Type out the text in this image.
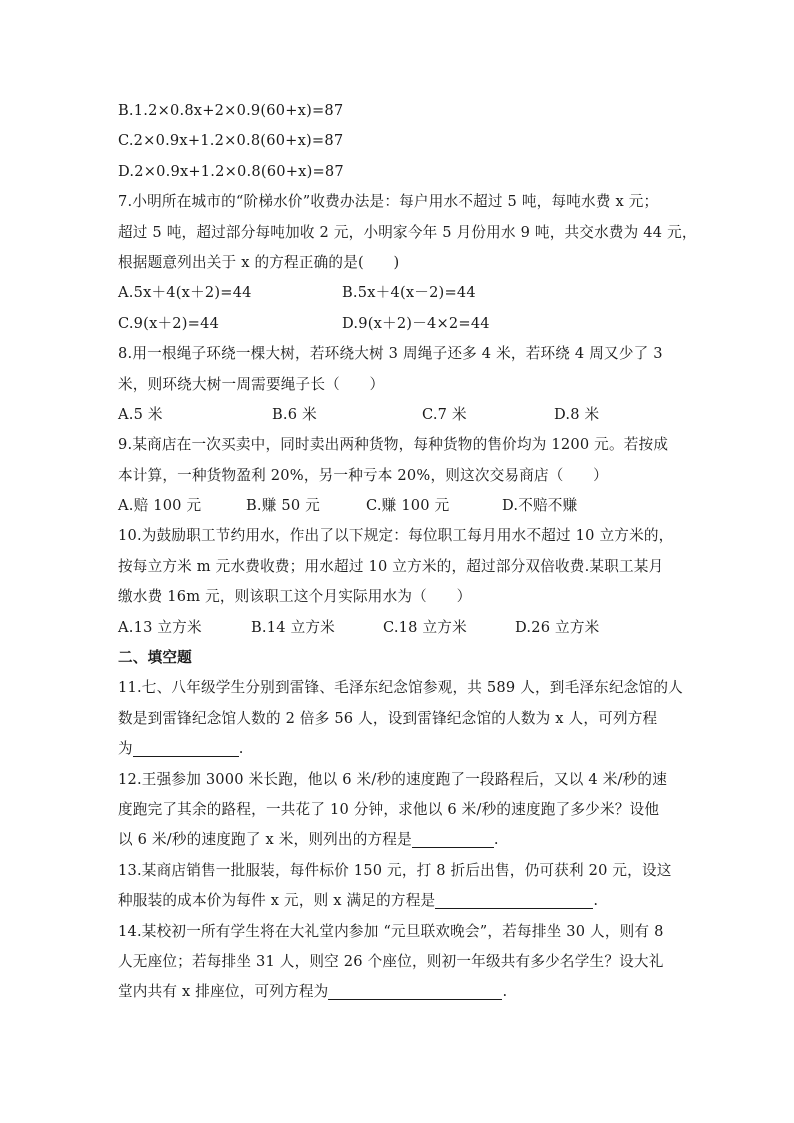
B.1.2×0.8x+2×0.9(60+x)=87
C.2×0.9x+1.2×0.8(60+x)=87
D.2×0.9x+1.2×0.8(60+x)=87
7.小明所在城市的“阶梯水价”收费办法是：每户用水不超过 5 吨，每吨水费 x 元；
超过 5 吨，超过部分每吨加收 2 元，小明家今年 5 月份用水 9 吨，共交水费为 44 元，
根据题意列出关于 x 的方程正确的是(　　)
A.5x＋4(x＋2)=44	B.5x＋4(x－2)=44
C.9(x＋2)=44	D.9(x＋2)－4×2=44
8.用一根绳子环绕一棵大树，若环绕大树 3 周绳子还多 4 米，若环绕 4 周又少了 3
米，则环绕大树一周需要绳子长（　　）
A.5 米	B.6 米	C.7 米	D.8 米
9.某商店在一次买卖中，同时卖出两种货物，每种货物的售价均为 1200 元。若按成
本计算，一种货物盈利 20%，另一种亏本 20%，则这次交易商店（　　）
A.赔 100 元	B.赚 50 元	C.赚 100 元	D.不赔不赚
10.为鼓励职工节约用水，作出了以下规定：每位职工每月用水不超过 10 立方米的，
按每立方米 m 元水费收费；用水超过 10 立方米的，超过部分双倍收费.某职工某月
缴水费 16m 元，则该职工这个月实际用水为（　　）
A.13 立方米	B.14 立方米	C.18 立方米	D.26 立方米
二、填空题
11.七、八年级学生分别到雷锋、毛泽东纪念馆参观，共 589 人，到毛泽东纪念馆的人
数是到雷锋纪念馆人数的 2 倍多 56 人，设到雷锋纪念馆的人数为 x 人，可列方程
为	.
12.王强参加 3000 米长跑，他以 6 米/秒的速度跑了一段路程后，又以 4 米/秒的速
度跑完了其余的路程，一共花了 10 分钟，求他以 6 米/秒的速度跑了多少米？设他
以 6 米/秒的速度跑了 x 米，则列出的方程是	.
13.某商店销售一批服装，每件标价 150 元，打 8 折后出售，仍可获利 20 元，设这
种服装的成本价为每件 x 元，则 x 满足的方程是	.
14.某校初一所有学生将在大礼堂内参加 “元旦联欢晚会”，若每排坐 30 人，则有 8
人无座位；若每排坐 31 人，则空 26 个座位，则初一年级共有多少名学生？设大礼
堂内共有 x 排座位，可列方程为	.
